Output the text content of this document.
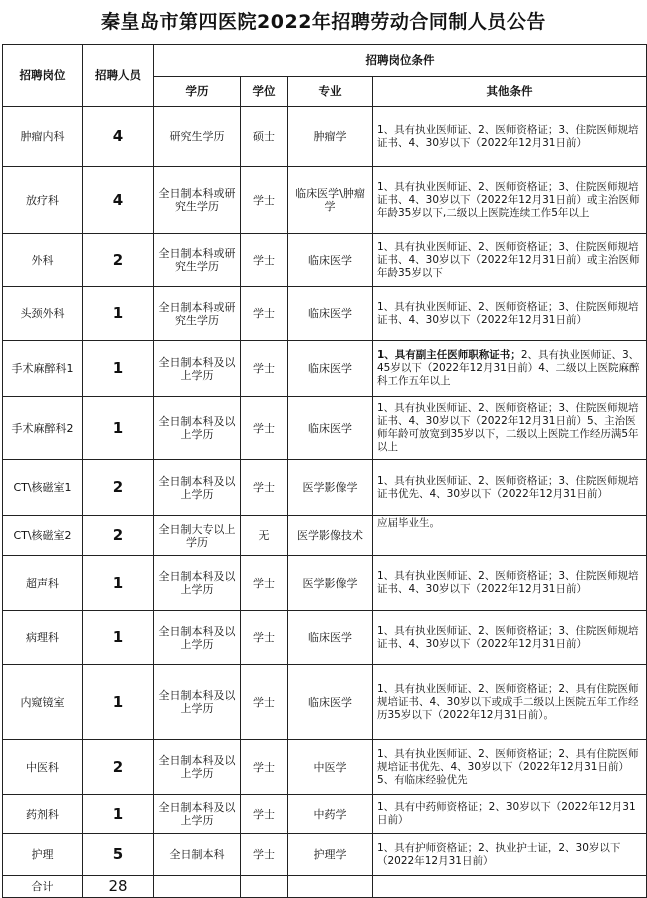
秦皇岛市第四医院2022年招聘劳动合同制人员公告
招聘岗位	招聘人员	招聘岗位条件			
		学历	学位	专业	其他条件
肿瘤内科	4	研究生学历	硕士	肿瘤学	1、具有执业医师证、2、医师资格证；3、住院医师规培证书、4、30岁以下（2022年12月31日前）
放疗科	4	全日制本科或研究生学历	学士	临床医学\肿瘤学	1、具有执业医师证、2、医师资格证；3、住院医师规培证书、4、30岁以下（2022年12月31日前）或主治医师年龄35岁以下,二级以上医院连续工作5年以上
外科	2	全日制本科或研究生学历	学士	临床医学	1、具有执业医师证、2、医师资格证；3、住院医师规培证书、4、30岁以下（2022年12月31日前）或主治医师年龄35岁以下
头颈外科	1	全日制本科或研究生学历	学士	临床医学	1、具有执业医师证、2、医师资格证；3、住院医师规培证书、4、30岁以下（2022年12月31日前）
手术麻醉科1	1	全日制本科及以上学历	学士	临床医学	1、具有副主任医师职称证书；2、具有执业医师证、3、45岁以下（2022年12月31日前）4、二级以上医院麻醉科工作五年以上
手术麻醉科2	1	全日制本科及以上学历	学士	临床医学	1、具有执业医师证、2、医师资格证；3、住院医师规培证书、4、30岁以下（2022年12月31日前）5、主治医师年龄可放宽到35岁以下，二级以上医院工作经历满5年以上
CT\核磁室1	2	全日制本科及以上学历	学士	医学影像学	1、具有执业医师证、2、医师资格证；3、住院医师规培证书优先、4、30岁以下（2022年12月31日前）
CT\核磁室2	2	全日制大专以上学历	无	医学影像技术	应届毕业生。
超声科	1	全日制本科及以上学历	学士	医学影像学	1、具有执业医师证、2、医师资格证；3、住院医师规培证书、4、30岁以下（2022年12月31日前）
病理科	1	全日制本科及以上学历	学士	临床医学	1、具有执业医师证、2、医师资格证；3、住院医师规培证书、4、30岁以下（2022年12月31日前）
内窥镜室	1	全日制本科及以上学历	学士	临床医学	1、具有执业医师证、2、医师资格证；2、具有住院医师规培证书、4、30岁以下或成手二级以上医院五年工作经历35岁以下（2022年12月31日前）。
中医科	2	全日制本科及以上学历	学士	中医学	1、具有执业医师证、2、医师资格证；2、具有住院医师规培证书优先、4、30岁以下（2022年12月31日前）5、有临床经验优先
药剂科	1	全日制本科及以上学历	学士	中药学	1、具有中药师资格证；2、30岁以下（2022年12月31日前）
护理	5	全日制本科	学士	护理学	1、具有护师资格证；2、执业护士证，2、30岁以下（2022年12月31日前）
合计	28				
